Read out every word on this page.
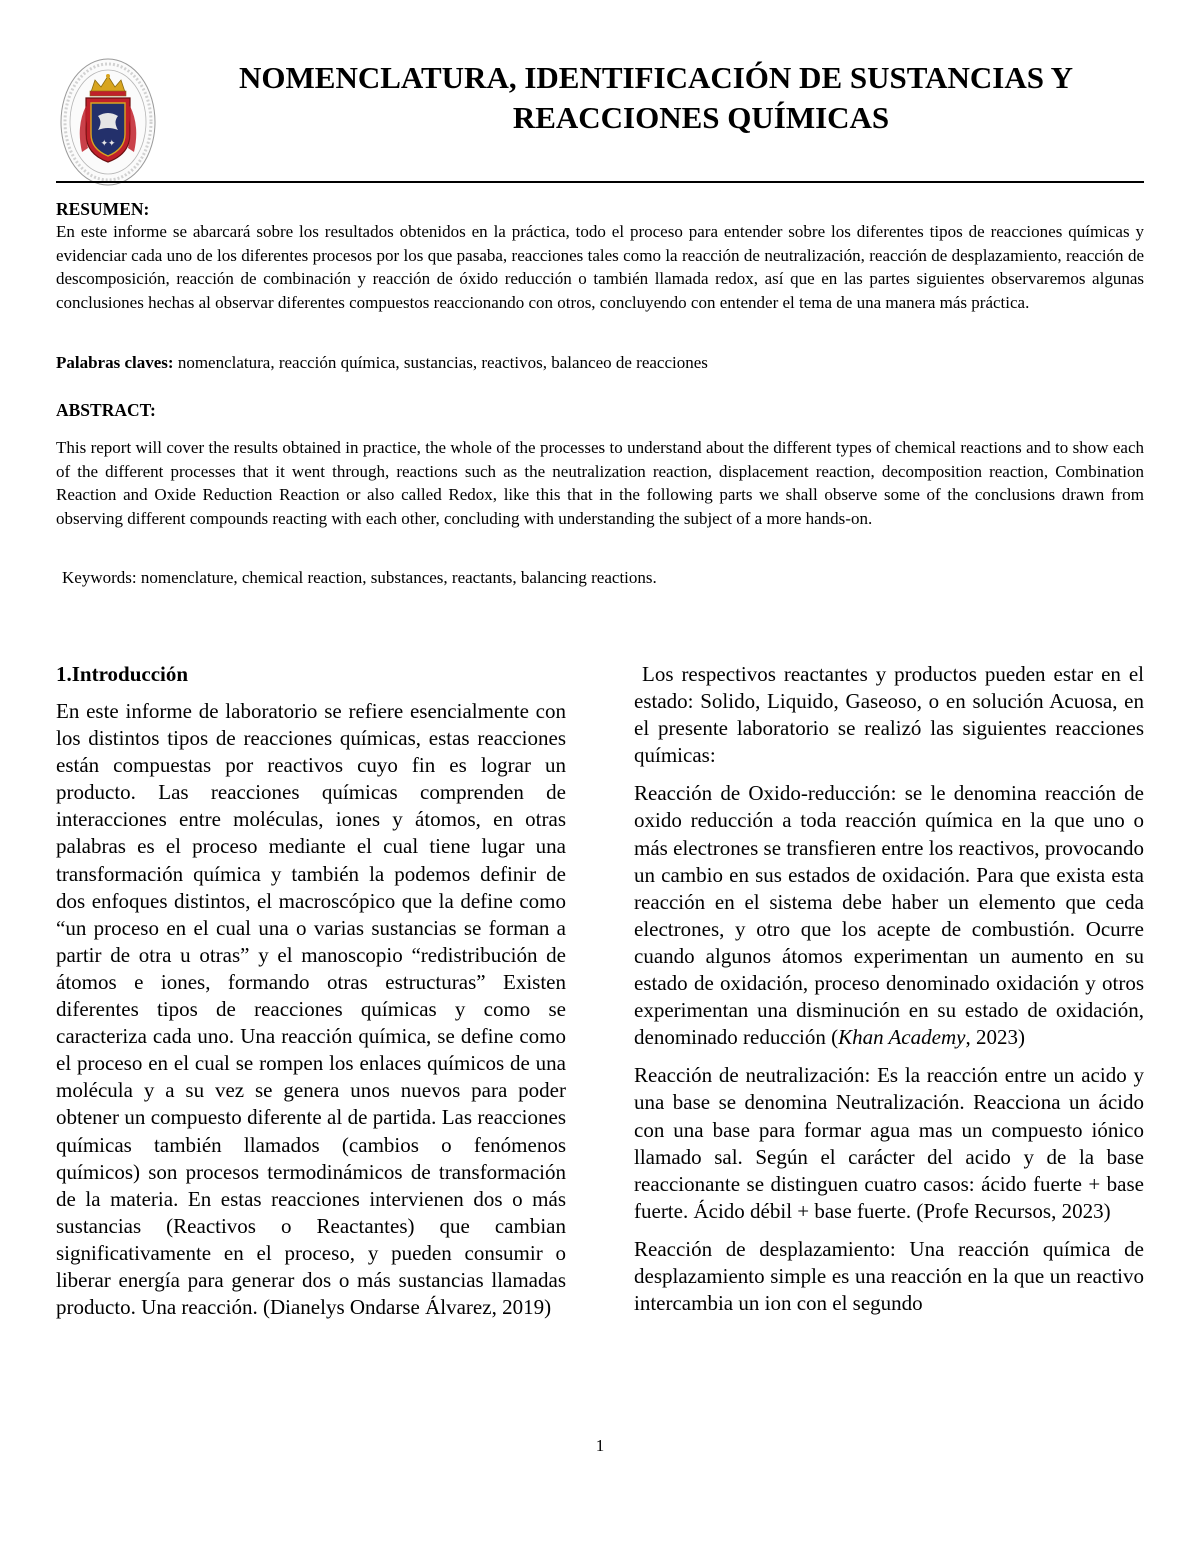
✦✦
NOMENCLATURA, IDENTIFICACIÓN DE SUSTANCIAS Y
REACCIONES QUÍMICAS

RESUMEN:

En este informe se abarcará sobre los resultados obtenidos en la práctica, todo el proceso para entender sobre los diferentes tipos de reacciones químicas y evidenciar cada uno de los diferentes procesos por los que pasaba, reacciones tales como la reacción de neutralización, reacción de desplazamiento, reacción de descomposición, reacción de combinación y reacción de óxido reducción o también llamada redox, así que en las partes siguientes observaremos algunas conclusiones hechas al observar diferentes compuestos reaccionando con otros, concluyendo con entender el tema de una manera más práctica.

Palabras claves: nomenclatura, reacción química, sustancias, reactivos, balanceo de reacciones

ABSTRACT:

This report will cover the results obtained in practice, the whole of the processes to understand about the different types of chemical reactions and to show each of the different processes that it went through, reactions such as the neutralization reaction, displacement reaction, decomposition reaction, Combination Reaction and Oxide Reduction Reaction or also called Redox, like this that in the following parts we shall observe some of the conclusions drawn from observing different compounds reacting with each other, concluding with understanding the subject of a more hands-on.

Keywords: nomenclature, chemical reaction, substances, reactants, balancing reactions.

1.Introducción

En este informe de laboratorio se refiere esencialmente con los distintos tipos de reacciones químicas, estas reacciones están compuestas por reactivos cuyo fin es lograr un producto. Las reacciones químicas comprenden de interacciones entre moléculas, iones y átomos, en otras palabras es el proceso mediante el cual tiene lugar una transformación química y también la podemos definir de dos enfoques distintos, el macroscópico que la define como “un proceso en el cual una o varias sustancias se forman a partir de otra u otras” y el manoscopio “redistribución de átomos e iones, formando otras estructuras” Existen diferentes tipos de reacciones químicas y como se caracteriza cada uno. Una reacción química, se define como el proceso en el cual se rompen los enlaces químicos de una molécula y a su vez se genera unos nuevos para poder obtener un compuesto diferente al de partida. Las reacciones químicas también llamados (cambios o fenómenos químicos) son procesos termodinámicos de transformación de la materia. En estas reacciones intervienen dos o más sustancias (Reactivos o Reactantes) que cambian significativamente en el proceso, y pueden consumir o liberar energía para generar dos o más sustancias llamadas producto. Una reacción. (Dianelys Ondarse Álvarez, 2019)

Los respectivos reactantes y productos pueden estar en el estado: Solido, Liquido, Gaseoso, o en solución Acuosa, en el presente laboratorio se realizó las siguientes reacciones químicas:

Reacción de Oxido-reducción: se le denomina reacción de oxido reducción a toda reacción química en la que uno o más electrones se transfieren entre los reactivos, provocando un cambio en sus estados de oxidación. Para que exista esta reacción en el sistema debe haber un elemento que ceda electrones, y otro que los acepte de combustión. Ocurre cuando algunos átomos experimentan un aumento en su estado de oxidación, proceso denominado oxidación y otros experimentan una disminución en su estado de oxidación, denominado reducción (Khan Academy, 2023)

Reacción de neutralización: Es la reacción entre un acido y una base se denomina Neutralización. Reacciona un ácido con una base para formar agua mas un compuesto iónico llamado sal. Según el carácter del acido y de la base reaccionante se distinguen cuatro casos: ácido fuerte + base fuerte. Ácido débil + base fuerte. (Profe Recursos, 2023)

Reacción de desplazamiento: Una reacción química de desplazamiento simple es una reacción en la que un reactivo intercambia un ion con el segundo

1
